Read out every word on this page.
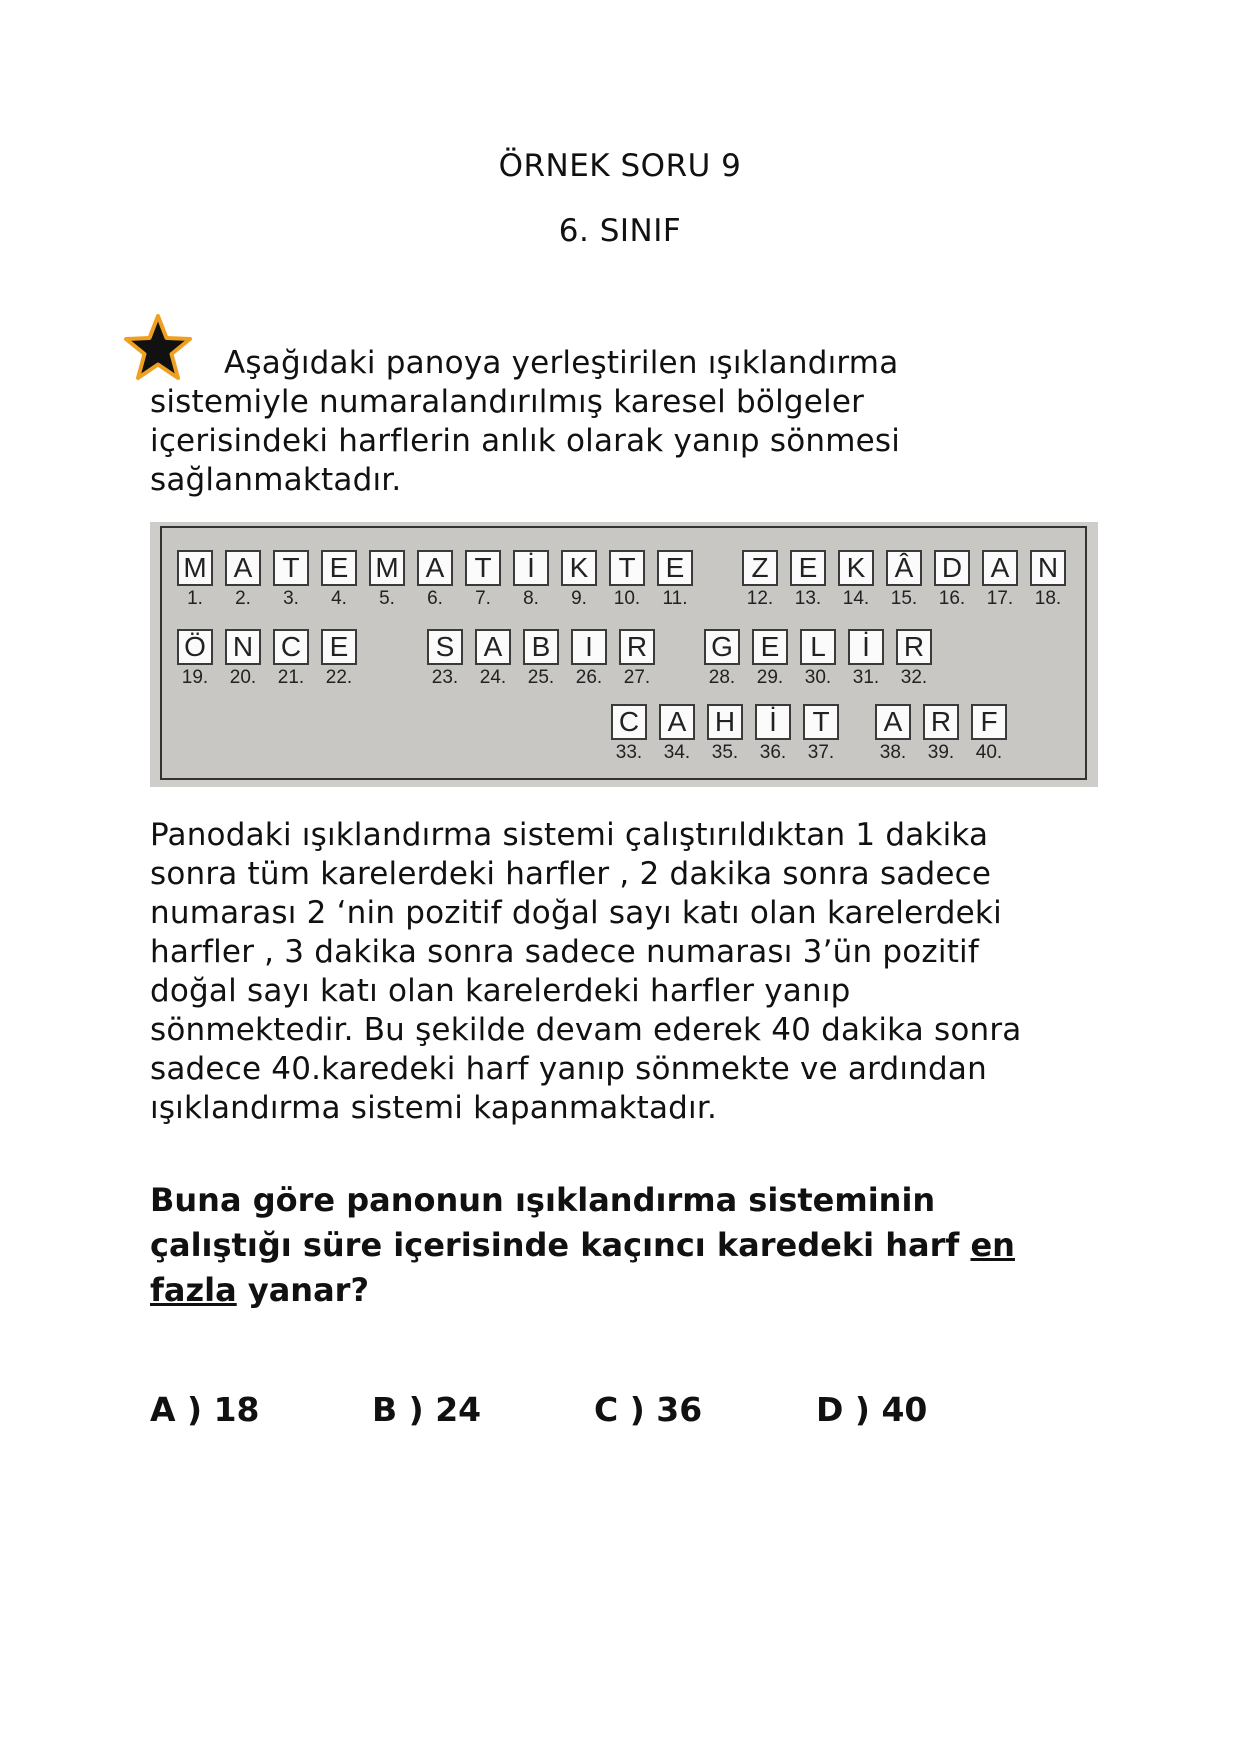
ÖRNEK SORU 9
6. SINIF
Aşağıdaki panoya yerleştirilen ışıklandırma
sistemiyle numaralandırılmış karesel bölgeler
içerisindeki harflerin anlık olarak yanıp sönmesi
sağlanmaktadır.
M
1.
A
2.
T
3.
E
4.
M
5.
A
6.
T
7.
İ
8.
K
9.
T
10.
E
11.
Z
12.
E
13.
K
14.
Â
15.
D
16.
A
17.
N
18.
Ö
19.
N
20.
C
21.
E
22.
S
23.
A
24.
B
25.
I
26.
R
27.
G
28.
E
29.
L
30.
İ
31.
R
32.
C
33.
A
34.
H
35.
İ
36.
T
37.
A
38.
R
39.
F
40.
Panodaki ışıklandırma sistemi çalıştırıldıktan 1 dakika
sonra tüm karelerdeki harfler , 2 dakika sonra sadece
numarası 2 ‘nin pozitif doğal sayı katı olan karelerdeki
harfler , 3 dakika sonra sadece numarası 3’ün pozitif
doğal sayı katı olan karelerdeki harfler yanıp
sönmektedir. Bu şekilde devam ederek 40 dakika sonra
sadece 40.karedeki harf yanıp sönmekte ve ardından
ışıklandırma sistemi kapanmaktadır.
Buna göre panonun ışıklandırma sisteminin
çalıştığı süre içerisinde kaçıncı karedeki harf en
fazla yanar?
A ) 18	B ) 24	C ) 36	D ) 40
